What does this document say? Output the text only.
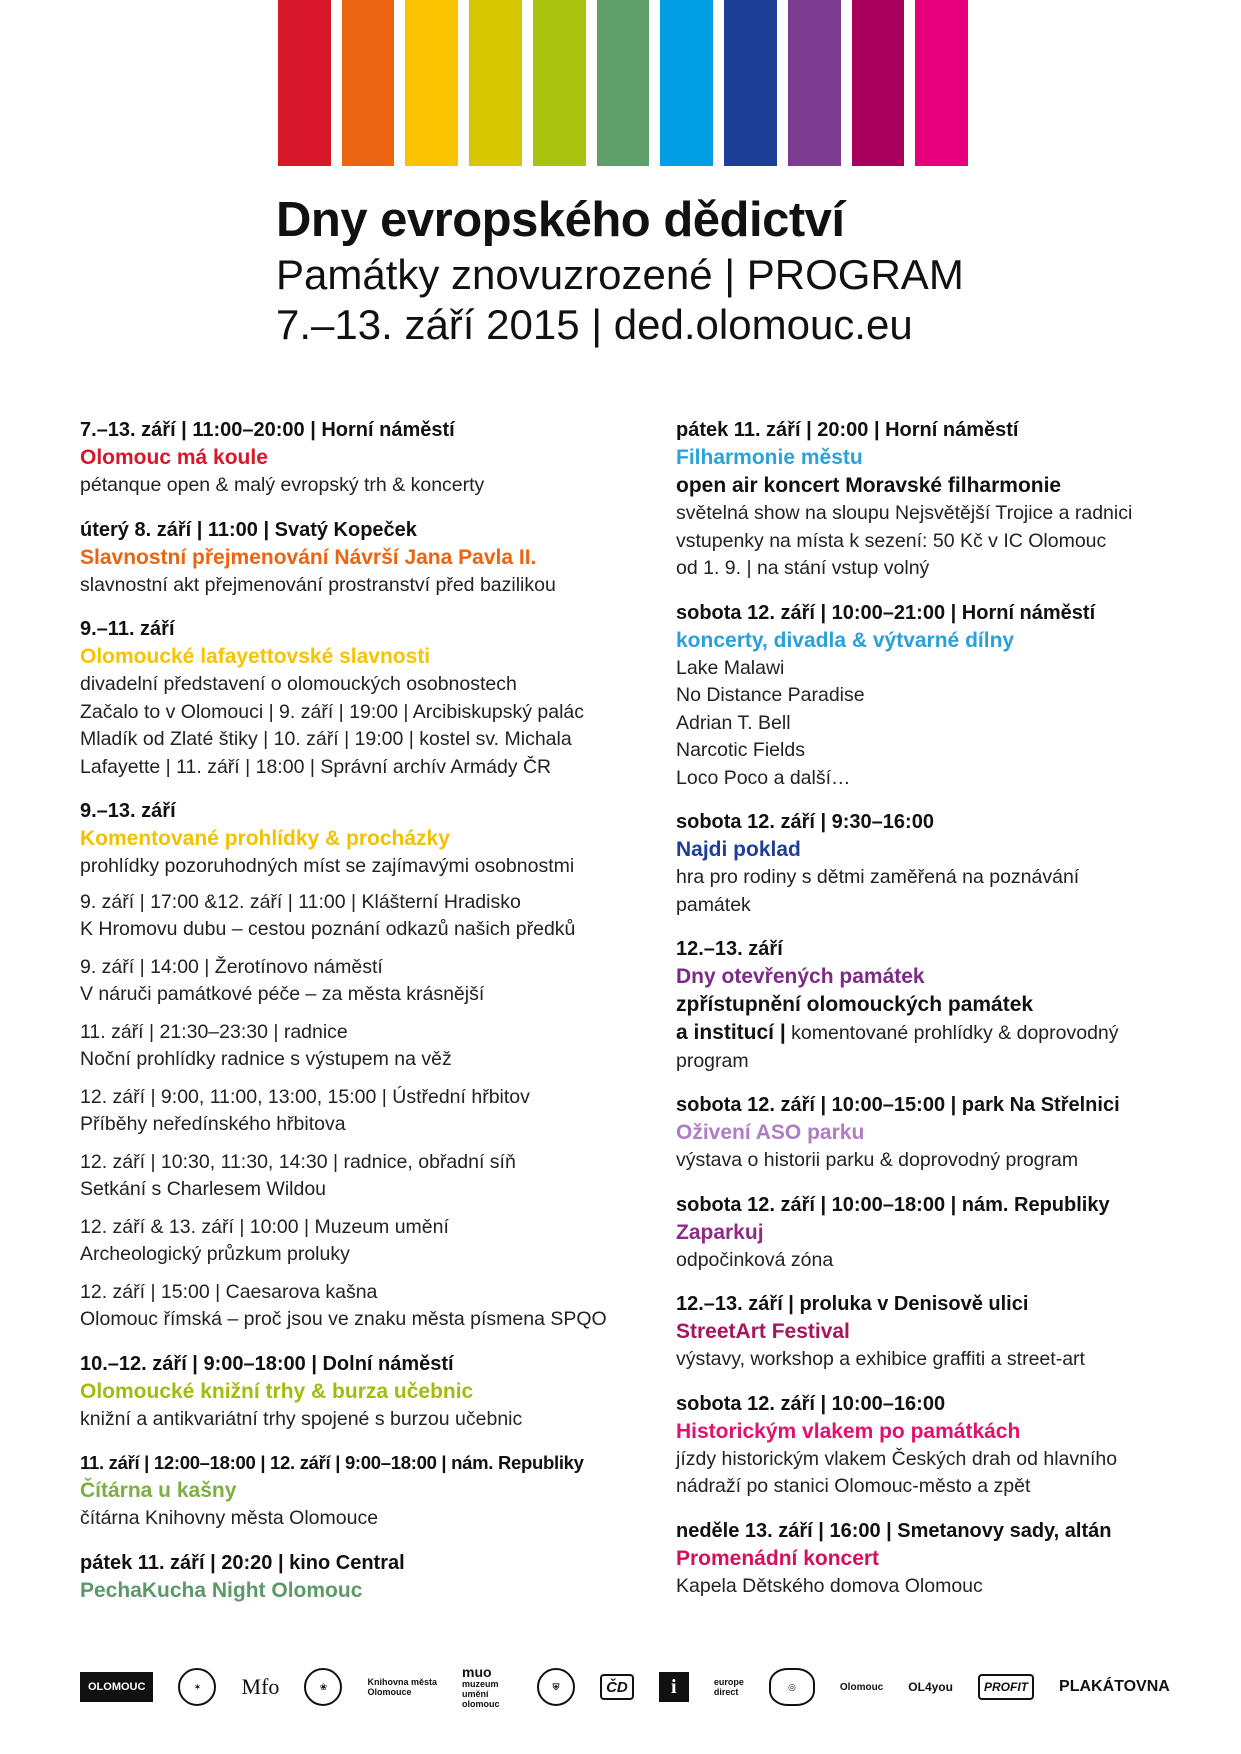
Dny evropského dědictví
Památky znovuzrozené | PROGRAM
7.–13. září 2015 | ded.olomouc.eu
7.–13. září | 11:00–20:00 | Horní náměstí
Olomouc má koule
pétanque open & malý evropský trh & koncerty
úterý 8. září | 11:00 | Svatý Kopeček
Slavnostní přejmenování Návrší Jana Pavla II.
slavnostní akt přejmenování prostranství před bazilikou
9.–11. září
Olomoucké lafayettovské slavnosti
divadelní představení o olomouckých osobnostech
Začalo to v Olomouci | 9. září | 19:00 | Arcibiskupský palác
Mladík od Zlaté štiky | 10. září | 19:00 | kostel sv. Michala
Lafayette | 11. září | 18:00 | Správní archív Armády ČR
9.–13. září
Komentované prohlídky & procházky
prohlídky pozoruhodných míst se zajímavými osobnostmi
9. září | 17:00 &12. září | 11:00 | Klášterní Hradisko
K Hromovu dubu – cestou poznání odkazů našich předků
9. září | 14:00 | Žerotínovo náměstí
V náruči památkové péče – za města krásnější
11. září | 21:30–23:30 | radnice
Noční prohlídky radnice s výstupem na věž
12. září | 9:00, 11:00, 13:00, 15:00 | Ústřední hřbitov
Příběhy neředínského hřbitova
12. září | 10:30, 11:30, 14:30 | radnice, obřadní síň
Setkání s Charlesem Wildou
12. září & 13. září | 10:00 | Muzeum umění
Archeologický průzkum proluky
12. září | 15:00 | Caesarova kašna
Olomouc římská – proč jsou ve znaku města písmena SPQO
10.–12. září | 9:00–18:00 | Dolní náměstí
Olomoucké knižní trhy & burza učebnic
knižní a antikvariátní trhy spojené s burzou učebnic
11. září | 12:00–18:00 | 12. září | 9:00–18:00 | nám. Republiky
Čítárna u kašny
čítárna Knihovny města Olomouce
pátek 11. září | 20:20 | kino Central
PechaKucha Night Olomouc
pátek 11. září | 20:00 | Horní náměstí
Filharmonie městu
open air koncert Moravské filharmonie
světelná show na sloupu Nejsvětější Trojice a radnici
vstupenky na místa k sezení: 50 Kč v IC Olomouc
od 1. 9. | na stání vstup volný
sobota 12. září | 10:00–21:00 | Horní náměstí
koncerty, divadla & výtvarné dílny
Lake Malawi
No Distance Paradise
Adrian T. Bell
Narcotic Fields
Loco Poco a další…
sobota 12. září | 9:30–16:00
Najdi poklad
hra pro rodiny s dětmi zaměřená na poznávání
památek
12.–13. září
Dny otevřených památek
zpřístupnění olomouckých památek
a institucí | komentované prohlídky & doprovodný program
sobota 12. září | 10:00–15:00 | park Na Střelnici
Oživení ASO parku
výstava o historii parku & doprovodný program
sobota 12. září | 10:00–18:00 | nám. Republiky
Zaparkuj
odpočinková zóna
12.–13. září | proluka v Denisově ulici
StreetArt Festival
výstavy, workshop a exhibice graffiti a street-art
sobota 12. září | 10:00–16:00
Historickým vlakem po památkách
jízdy historickým vlakem Českých drah od hlavního
nádraží po stanici Olomouc-město a zpět
neděle 13. září | 16:00 | Smetanovy sady, altán
Promenádní koncert
Kapela Dětského domova Olomouc
OLOMOUC	✶	Mfo	❀	Knihovna města
Olomouce
muo
muzeum umění olomouc
⛨	ČD	i	europe
direct
◎	Olomouc OL4you	PROFIT	PLAKÁTOVNA
